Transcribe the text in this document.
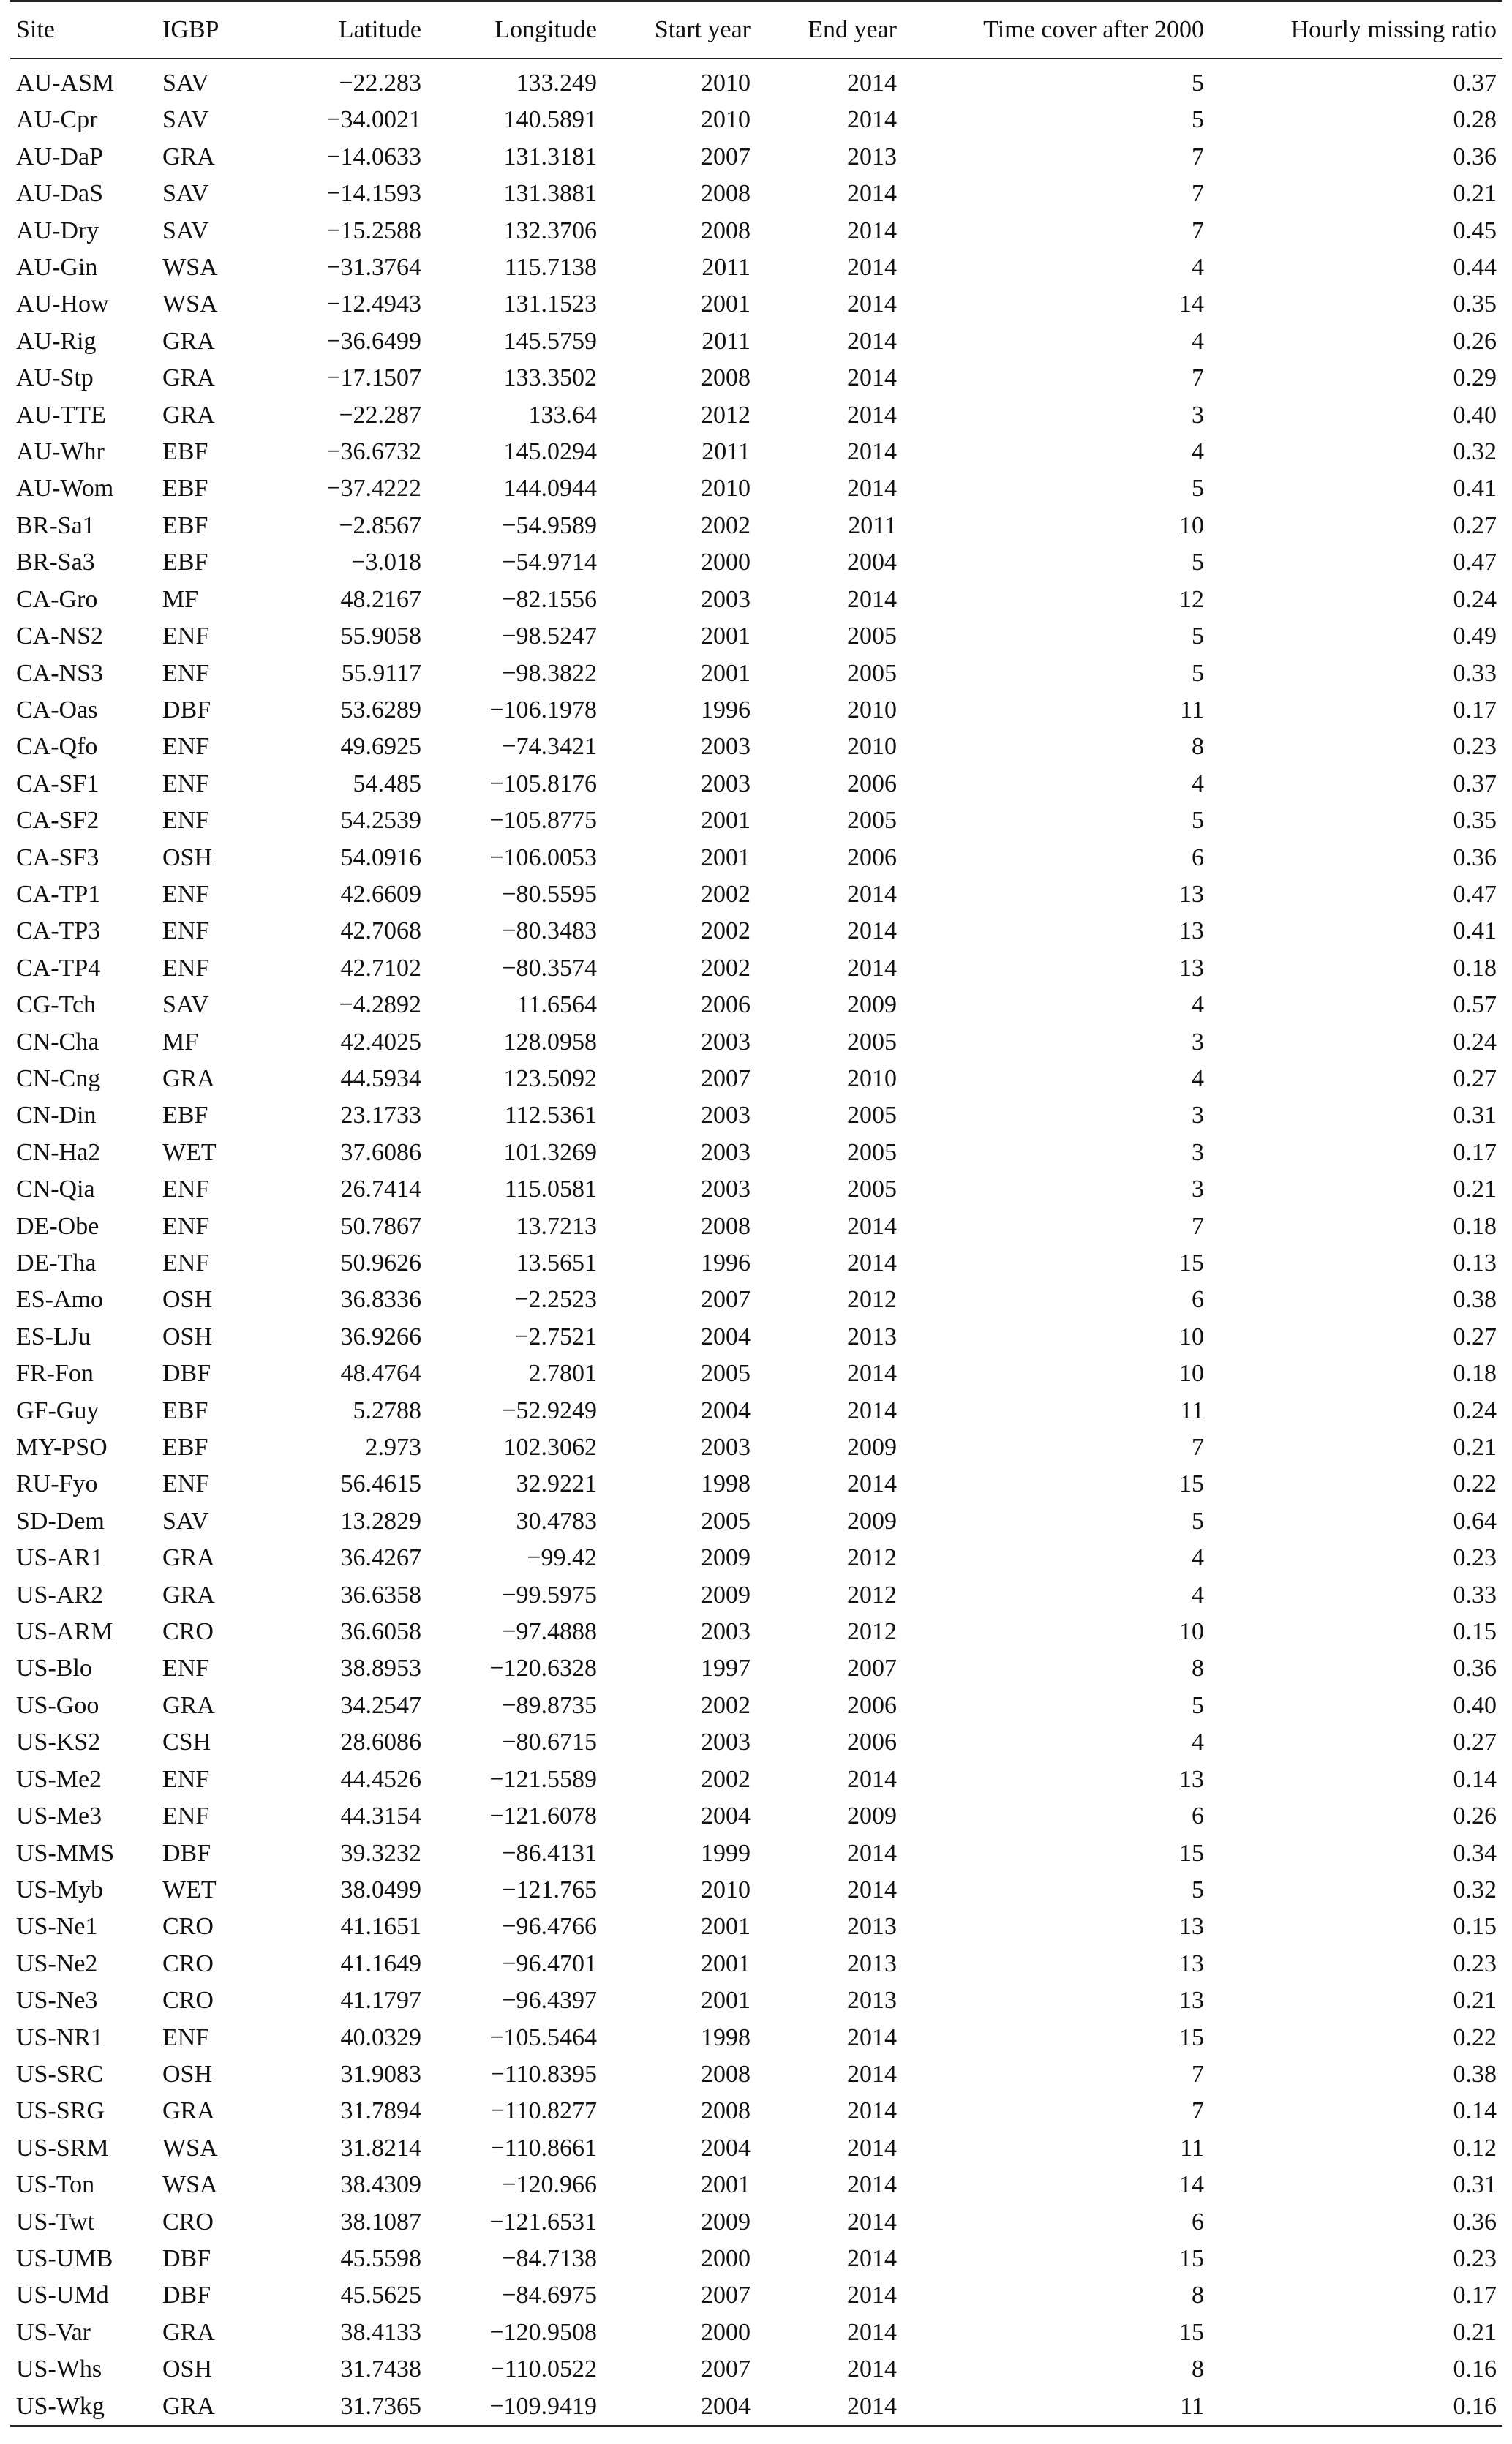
Site	IGBP	Latitude	Longitude	Start year	End year	Time cover after 2000	Hourly missing ratio
AU-ASM	SAV	−22.283	133.249	2010	2014	5	0.37
AU-Cpr	SAV	−34.0021	140.5891	2010	2014	5	0.28
AU-DaP	GRA	−14.0633	131.3181	2007	2013	7	0.36
AU-DaS	SAV	−14.1593	131.3881	2008	2014	7	0.21
AU-Dry	SAV	−15.2588	132.3706	2008	2014	7	0.45
AU-Gin	WSA	−31.3764	115.7138	2011	2014	4	0.44
AU-How	WSA	−12.4943	131.1523	2001	2014	14	0.35
AU-Rig	GRA	−36.6499	145.5759	2011	2014	4	0.26
AU-Stp	GRA	−17.1507	133.3502	2008	2014	7	0.29
AU-TTE	GRA	−22.287	133.64	2012	2014	3	0.40
AU-Whr	EBF	−36.6732	145.0294	2011	2014	4	0.32
AU-Wom	EBF	−37.4222	144.0944	2010	2014	5	0.41
BR-Sa1	EBF	−2.8567	−54.9589	2002	2011	10	0.27
BR-Sa3	EBF	−3.018	−54.9714	2000	2004	5	0.47
CA-Gro	MF	48.2167	−82.1556	2003	2014	12	0.24
CA-NS2	ENF	55.9058	−98.5247	2001	2005	5	0.49
CA-NS3	ENF	55.9117	−98.3822	2001	2005	5	0.33
CA-Oas	DBF	53.6289	−106.1978	1996	2010	11	0.17
CA-Qfo	ENF	49.6925	−74.3421	2003	2010	8	0.23
CA-SF1	ENF	54.485	−105.8176	2003	2006	4	0.37
CA-SF2	ENF	54.2539	−105.8775	2001	2005	5	0.35
CA-SF3	OSH	54.0916	−106.0053	2001	2006	6	0.36
CA-TP1	ENF	42.6609	−80.5595	2002	2014	13	0.47
CA-TP3	ENF	42.7068	−80.3483	2002	2014	13	0.41
CA-TP4	ENF	42.7102	−80.3574	2002	2014	13	0.18
CG-Tch	SAV	−4.2892	11.6564	2006	2009	4	0.57
CN-Cha	MF	42.4025	128.0958	2003	2005	3	0.24
CN-Cng	GRA	44.5934	123.5092	2007	2010	4	0.27
CN-Din	EBF	23.1733	112.5361	2003	2005	3	0.31
CN-Ha2	WET	37.6086	101.3269	2003	2005	3	0.17
CN-Qia	ENF	26.7414	115.0581	2003	2005	3	0.21
DE-Obe	ENF	50.7867	13.7213	2008	2014	7	0.18
DE-Tha	ENF	50.9626	13.5651	1996	2014	15	0.13
ES-Amo	OSH	36.8336	−2.2523	2007	2012	6	0.38
ES-LJu	OSH	36.9266	−2.7521	2004	2013	10	0.27
FR-Fon	DBF	48.4764	2.7801	2005	2014	10	0.18
GF-Guy	EBF	5.2788	−52.9249	2004	2014	11	0.24
MY-PSO	EBF	2.973	102.3062	2003	2009	7	0.21
RU-Fyo	ENF	56.4615	32.9221	1998	2014	15	0.22
SD-Dem	SAV	13.2829	30.4783	2005	2009	5	0.64
US-AR1	GRA	36.4267	−99.42	2009	2012	4	0.23
US-AR2	GRA	36.6358	−99.5975	2009	2012	4	0.33
US-ARM	CRO	36.6058	−97.4888	2003	2012	10	0.15
US-Blo	ENF	38.8953	−120.6328	1997	2007	8	0.36
US-Goo	GRA	34.2547	−89.8735	2002	2006	5	0.40
US-KS2	CSH	28.6086	−80.6715	2003	2006	4	0.27
US-Me2	ENF	44.4526	−121.5589	2002	2014	13	0.14
US-Me3	ENF	44.3154	−121.6078	2004	2009	6	0.26
US-MMS	DBF	39.3232	−86.4131	1999	2014	15	0.34
US-Myb	WET	38.0499	−121.765	2010	2014	5	0.32
US-Ne1	CRO	41.1651	−96.4766	2001	2013	13	0.15
US-Ne2	CRO	41.1649	−96.4701	2001	2013	13	0.23
US-Ne3	CRO	41.1797	−96.4397	2001	2013	13	0.21
US-NR1	ENF	40.0329	−105.5464	1998	2014	15	0.22
US-SRC	OSH	31.9083	−110.8395	2008	2014	7	0.38
US-SRG	GRA	31.7894	−110.8277	2008	2014	7	0.14
US-SRM	WSA	31.8214	−110.8661	2004	2014	11	0.12
US-Ton	WSA	38.4309	−120.966	2001	2014	14	0.31
US-Twt	CRO	38.1087	−121.6531	2009	2014	6	0.36
US-UMB	DBF	45.5598	−84.7138	2000	2014	15	0.23
US-UMd	DBF	45.5625	−84.6975	2007	2014	8	0.17
US-Var	GRA	38.4133	−120.9508	2000	2014	15	0.21
US-Whs	OSH	31.7438	−110.0522	2007	2014	8	0.16
US-Wkg	GRA	31.7365	−109.9419	2004	2014	11	0.16
